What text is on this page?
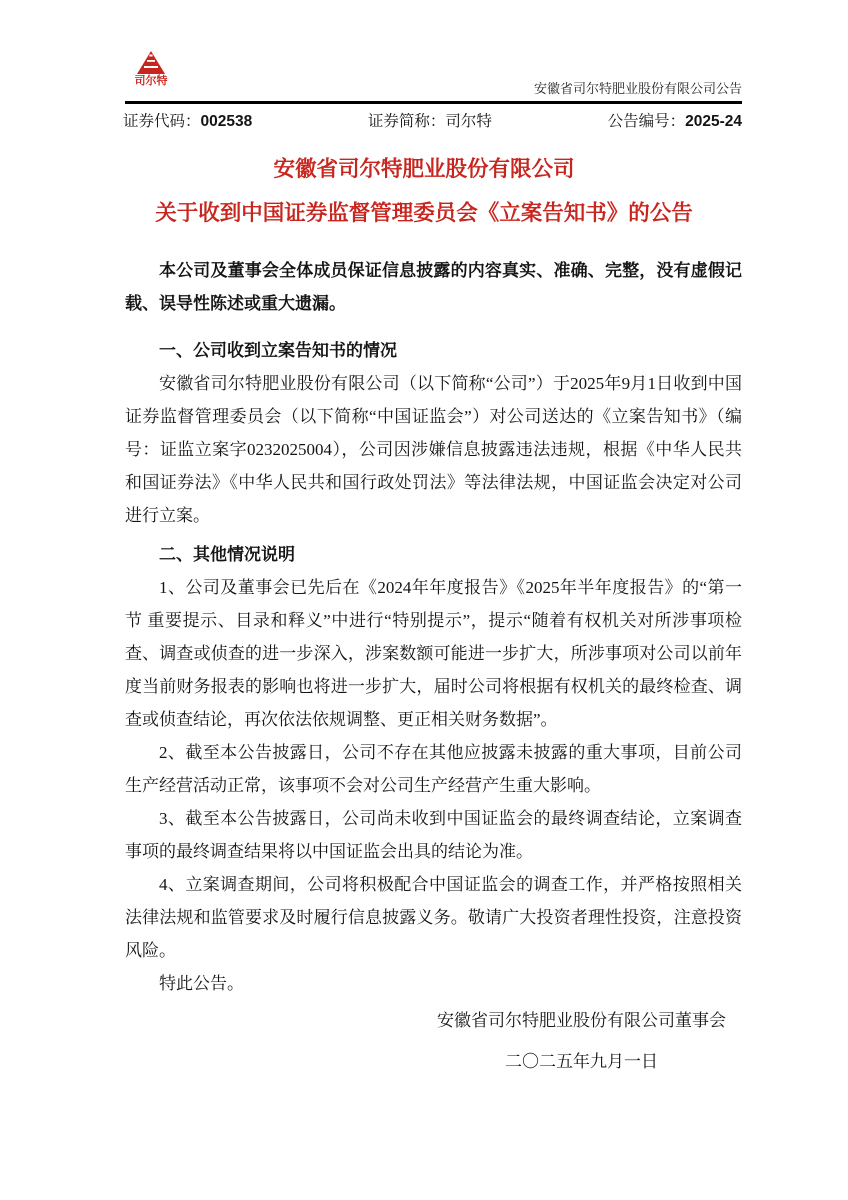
司尔特	安徽省司尔特肥业股份有限公司公告
证券代码：002538	证券简称：司尔特	公告编号：2025-24
安徽省司尔特肥业股份有限公司
关于收到中国证券监督管理委员会《立案告知书》的公告

本公司及董事会全体成员保证信息披露的内容真实、准确、完整，没有虚假记载、误导性陈述或重大遗漏。

一、公司收到立案告知书的情况

安徽省司尔特肥业股份有限公司（以下简称“公司”）于2025年9月1日收到中国证券监督管理委员会（以下简称“中国证监会”）对公司送达的《立案告知书》（编号：证监立案字0232025004），公司因涉嫌信息披露违法违规，根据《中华人民共和国证券法》《中华人民共和国行政处罚法》等法律法规，中国证监会决定对公司进行立案。

二、其他情况说明

1、公司及董事会已先后在《2024年年度报告》《2025年半年度报告》的“第一节 重要提示、目录和释义”中进行“特别提示”，提示“随着有权机关对所涉事项检查、调查或侦查的进一步深入，涉案数额可能进一步扩大，所涉事项对公司以前年度当前财务报表的影响也将进一步扩大，届时公司将根据有权机关的最终检查、调查或侦查结论，再次依法依规调整、更正相关财务数据”。

2、截至本公告披露日，公司不存在其他应披露未披露的重大事项，目前公司生产经营活动正常，该事项不会对公司生产经营产生重大影响。

3、截至本公告披露日，公司尚未收到中国证监会的最终调查结论，立案调查事项的最终调查结果将以中国证监会出具的结论为准。

4、立案调查期间，公司将积极配合中国证监会的调查工作，并严格按照相关法律法规和监管要求及时履行信息披露义务。敬请广大投资者理性投资，注意投资风险。

特此公告。

安徽省司尔特肥业股份有限公司董事会
二〇二五年九月一日
